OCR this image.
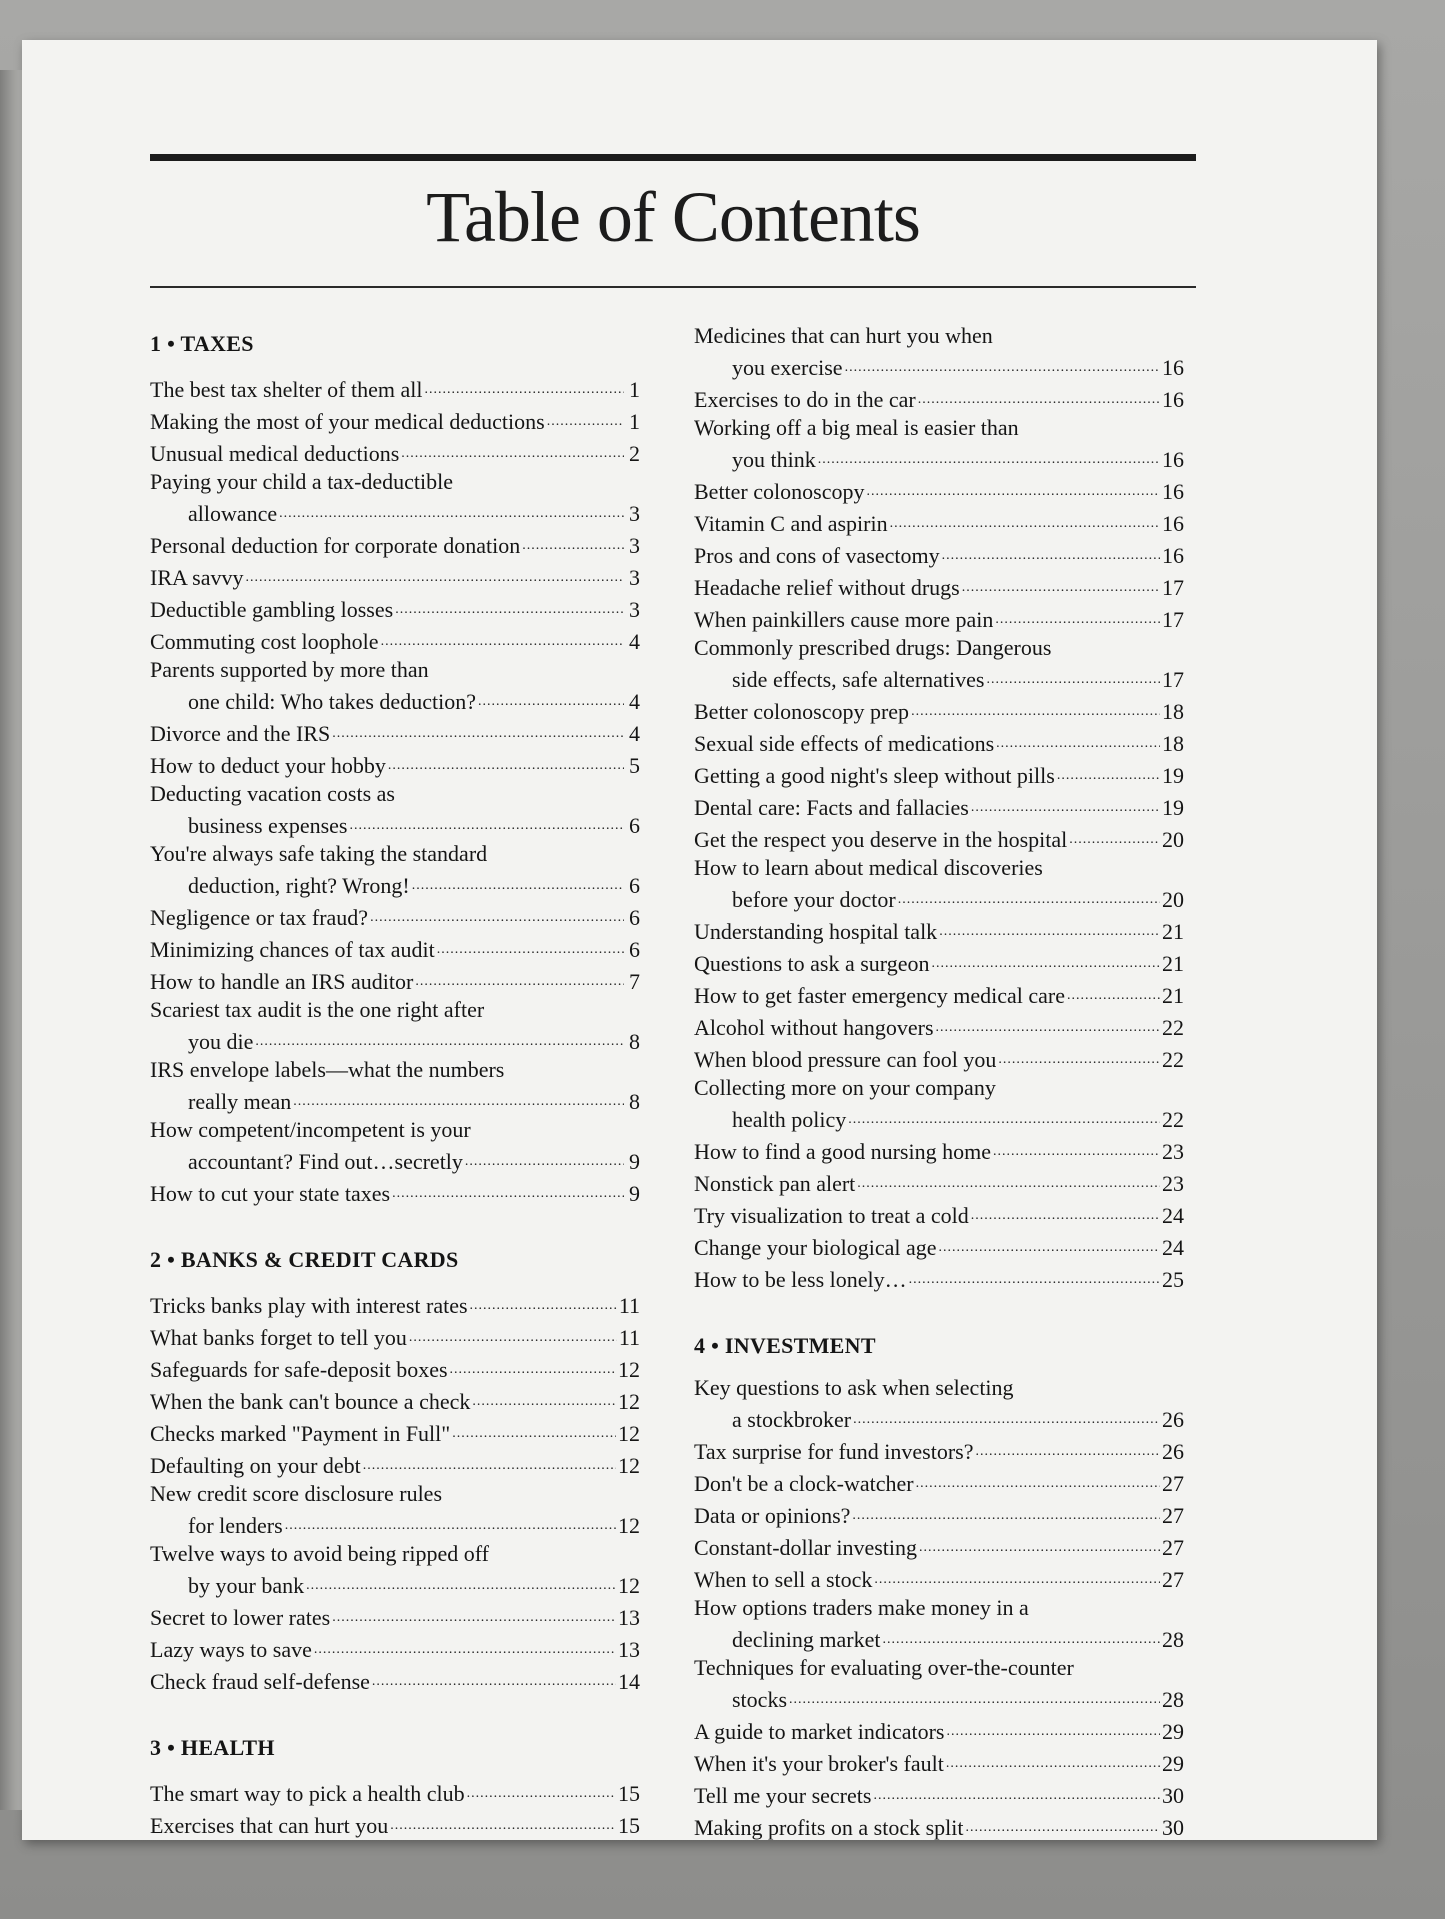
Table of Contents
1 • TAXES
The best tax shelter of them all .....	1
Making the most of your medical deductions .....	1
Unusual medical deductions .....	2
Paying your child a tax-deductible
allowance .....	3
Personal deduction for corporate donation .....	3
IRA savvy .....	3
Deductible gambling losses .....	3
Commuting cost loophole .....	4
Parents supported by more than
one child: Who takes deduction? .....	4
Divorce and the IRS .....	4
How to deduct your hobby .....	5
Deducting vacation costs as
business expenses .....	6
You're always safe taking the standard
deduction, right? Wrong! .....	6
Negligence or tax fraud? .....	6
Minimizing chances of tax audit .....	6
How to handle an IRS auditor .....	7
Scariest tax audit is the one right after
you die .....	8
IRS envelope labels—what the numbers
really mean .....	8
How competent/incompetent is your
accountant? Find out…secretly .....	9
How to cut your state taxes .....	9
2 • BANKS & CREDIT CARDS
Tricks banks play with interest rates .....	11
What banks forget to tell you .....	11
Safeguards for safe-deposit boxes .....	12
When the bank can't bounce a check .....	12
Checks marked "Payment in Full" .....	12
Defaulting on your debt .....	12
New credit score disclosure rules
for lenders .....	12
Twelve ways to avoid being ripped off
by your bank .....	12
Secret to lower rates .....	13
Lazy ways to save .....	13
Check fraud self-defense .....	14
3 • HEALTH
The smart way to pick a health club .....	15
Exercises that can hurt you .....	15
Medicines that can hurt you when
you exercise .....	16
Exercises to do in the car .....	16
Working off a big meal is easier than
you think .....	16
Better colonoscopy .....	16
Vitamin C and aspirin .....	16
Pros and cons of vasectomy .....	16
Headache relief without drugs .....	17
When painkillers cause more pain .....	17
Commonly prescribed drugs: Dangerous
side effects, safe alternatives .....	17
Better colonoscopy prep .....	18
Sexual side effects of medications .....	18
Getting a good night's sleep without pills .....	19
Dental care: Facts and fallacies .....	19
Get the respect you deserve in the hospital .....	20
How to learn about medical discoveries
before your doctor .....	20
Understanding hospital talk .....	21
Questions to ask a surgeon .....	21
How to get faster emergency medical care .....	21
Alcohol without hangovers .....	22
When blood pressure can fool you .....	22
Collecting more on your company
health policy .....	22
How to find a good nursing home .....	23
Nonstick pan alert .....	23
Try visualization to treat a cold .....	24
Change your biological age .....	24
How to be less lonely… .....	25
4 • INVESTMENT
Key questions to ask when selecting
a stockbroker .....	26
Tax surprise for fund investors? .....	26
Don't be a clock-watcher .....	27
Data or opinions? .....	27
Constant-dollar investing .....	27
When to sell a stock .....	27
How options traders make money in a
declining market .....	28
Techniques for evaluating over-the-counter
stocks .....	28
A guide to market indicators .....	29
When it's your broker's fault .....	29
Tell me your secrets .....	30
Making profits on a stock split .....	30
